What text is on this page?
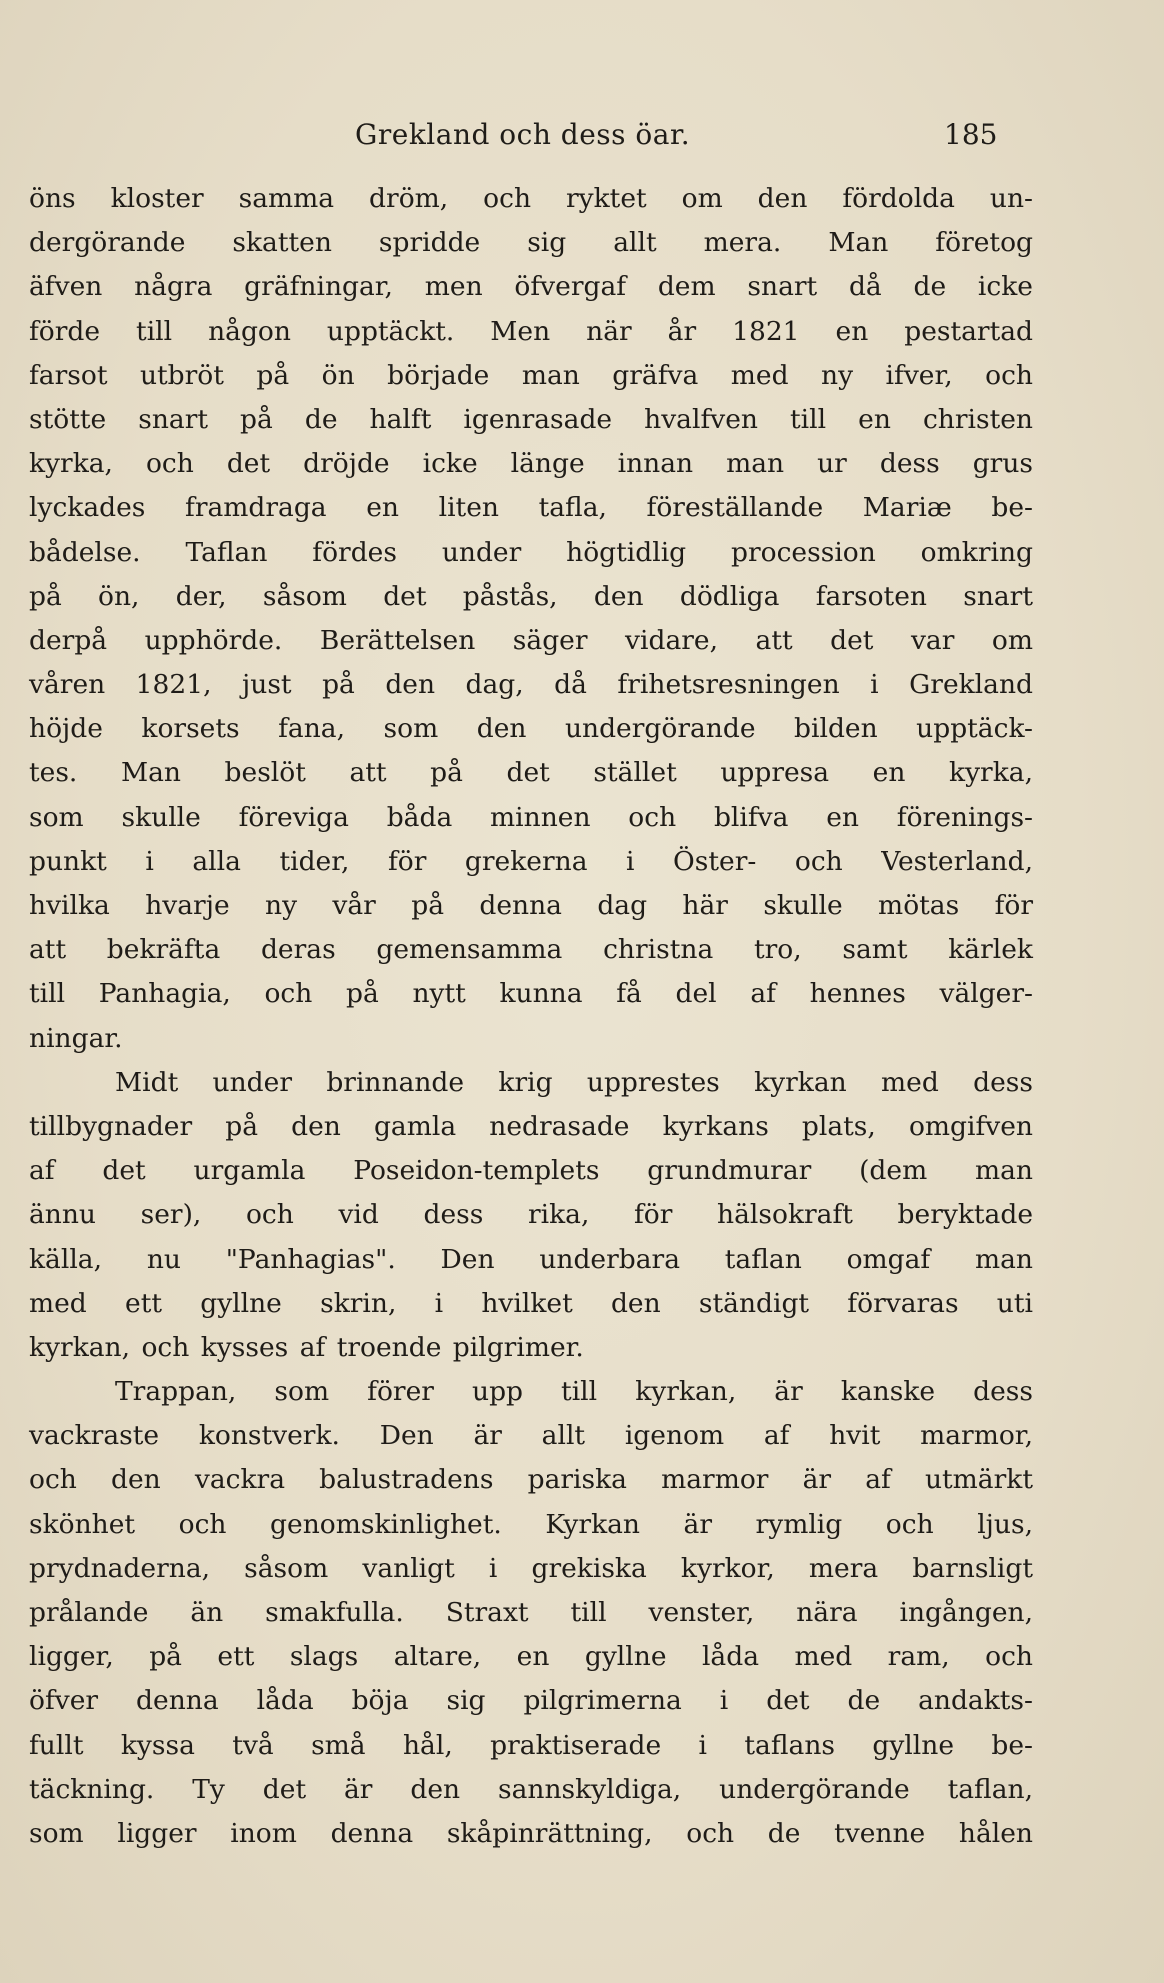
Grekland och dess öar.	185
öns kloster samma dröm, och ryktet om den fördolda un-
dergörande skatten spridde sig allt mera. Man företog
äfven några gräfningar, men öfvergaf dem snart då de icke
förde till någon upptäckt. Men när år 1821 en pestartad
farsot utbröt på ön började man gräfva med ny ifver, och
stötte snart på de halft igenrasade hvalfven till en christen
kyrka, och det dröjde icke länge innan man ur dess grus
lyckades framdraga en liten tafla, föreställande Mariæ be-
bådelse. Taflan fördes under högtidlig procession omkring
på ön, der, såsom det påstås, den dödliga farsoten snart
derpå upphörde. Berättelsen säger vidare, att det var om
våren 1821, just på den dag, då frihetsresningen i Grekland
höjde korsets fana, som den undergörande bilden upptäck-
tes. Man beslöt att på det stället uppresa en kyrka,
som skulle föreviga båda minnen och blifva en förenings-
punkt i alla tider, för grekerna i Öster- och Vesterland,
hvilka hvarje ny vår på denna dag här skulle mötas för
att bekräfta deras gemensamma christna tro, samt kärlek
till Panhagia, och på nytt kunna få del af hennes välger-
ningar.
Midt under brinnande krig upprestes kyrkan med dess
tillbygnader på den gamla nedrasade kyrkans plats, omgifven
af det urgamla Poseidon-templets grundmurar (dem man
ännu ser), och vid dess rika, för hälsokraft beryktade
källa, nu "Panhagias". Den underbara taflan omgaf man
med ett gyllne skrin, i hvilket den ständigt förvaras uti
kyrkan, och kysses af troende pilgrimer.
Trappan, som förer upp till kyrkan, är kanske dess
vackraste konstverk. Den är allt igenom af hvit marmor,
och den vackra balustradens pariska marmor är af utmärkt
skönhet och genomskinlighet. Kyrkan är rymlig och ljus,
prydnaderna, såsom vanligt i grekiska kyrkor, mera barnsligt
prålande än smakfulla. Straxt till venster, nära ingången,
ligger, på ett slags altare, en gyllne låda med ram, och
öfver denna låda böja sig pilgrimerna i det de andakts-
fullt kyssa två små hål, praktiserade i taflans gyllne be-
täckning. Ty det är den sannskyldiga, undergörande taflan,
som ligger inom denna skåpinrättning, och de tvenne hålen
